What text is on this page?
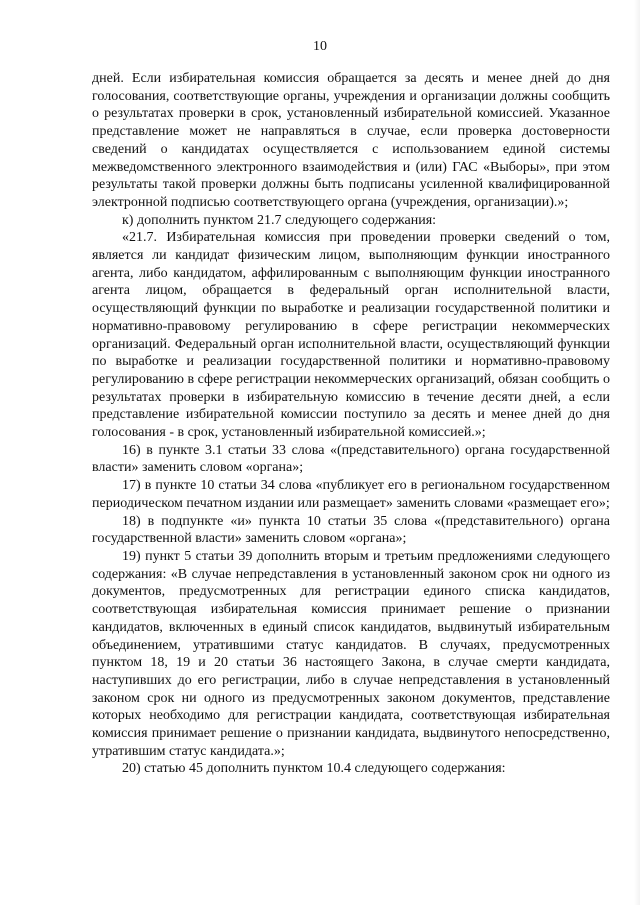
10

дней. Если избирательная комиссия обращается за десять и менее дней до дня голосования, соответствующие органы, учреждения и организации должны сообщить о результатах проверки в срок, установленный избирательной комиссией. Указанное представление может не направляться в случае, если проверка достоверности сведений о кандидатах осуществляется с использованием единой системы межведомственного электронного взаимодействия и (или) ГАС «Выборы», при этом результаты такой проверки должны быть подписаны усиленной квалифицированной электронной подписью соответствующего органа (учреждения, организации).»;

к) дополнить пунктом 21.7 следующего содержания:

«21.7. Избирательная комиссия при проведении проверки сведений о том, является ли кандидат физическим лицом, выполняющим функции иностранного агента, либо кандидатом, аффилированным с выполняющим функции иностранного агента лицом, обращается в федеральный орган исполнительной власти, осуществляющий функции по выработке и реализации государственной политики и нормативно-правовому регулированию в сфере регистрации некоммерческих организаций. Федеральный орган исполнительной власти, осуществляющий функции по выработке и реализации государственной политики и нормативно-правовому регулированию в сфере регистрации некоммерческих организаций, обязан сообщить о результатах проверки в избирательную комиссию в течение десяти дней, а если представление избирательной комиссии поступило за десять и менее дней до дня голосования - в срок, установленный избирательной комиссией.»;

16) в пункте 3.1 статьи 33 слова «(представительного) органа государственной власти» заменить словом «органа»;

17) в пункте 10 статьи 34 слова «публикует его в региональном государственном периодическом печатном издании или размещает» заменить словами «размещает его»;

18) в подпункте «и» пункта 10 статьи 35 слова «(представительного) органа государственной власти» заменить словом «органа»;

19) пункт 5 статьи 39 дополнить вторым и третьим предложениями следующего содержания: «В случае непредставления в установленный законом срок ни одного из документов, предусмотренных для регистрации единого списка кандидатов, соответствующая избирательная комиссия принимает решение о признании кандидатов, включенных в единый список кандидатов, выдвинутый избирательным объединением, утратившими статус кандидатов. В случаях, предусмотренных пунктом 18, 19 и 20 статьи 36 настоящего Закона, в случае смерти кандидата, наступивших до его регистрации, либо в случае непредставления в установленный законом срок ни одного из предусмотренных законом документов, представление которых необходимо для регистрации кандидата, соответствующая избирательная комиссия принимает решение о признании кандидата, выдвинутого непосредственно, утратившим статус кандидата.»;

20) статью 45 дополнить пунктом 10.4 следующего содержания:
